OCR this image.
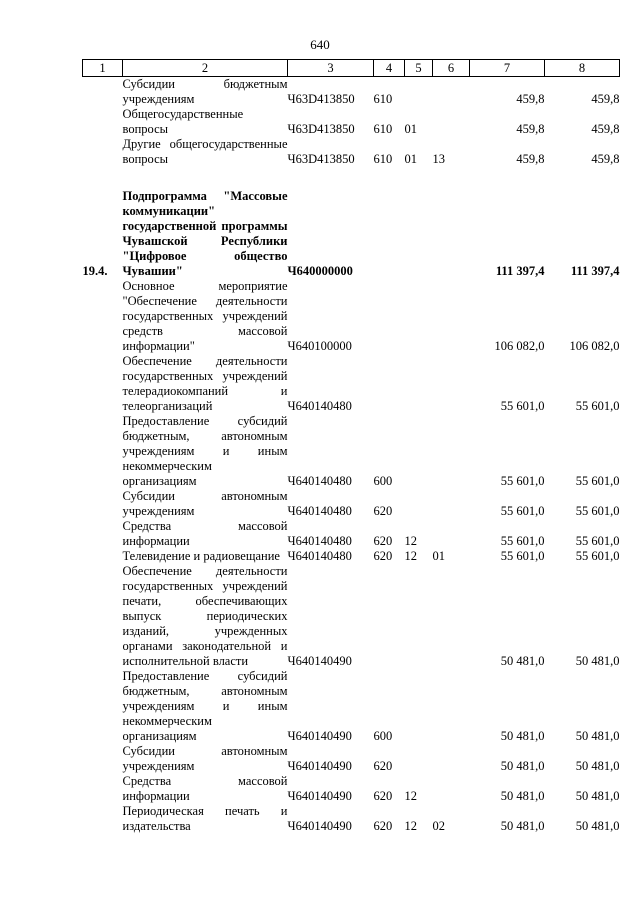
640
1	2	3	4	5	6	7	8
	Субсидии бюджетным учреждениям	Ч63D413850	610			459,8	459,8
	Общегосударственные вопросы	Ч63D413850	610	01		459,8	459,8
	Другие общегосударственные вопросы	Ч63D413850	610	01	13	459,8	459,8

19.4.	Подпрограмма "Массовые коммуникации" государственной программы Чувашской Республики "Цифровое общество Чувашии"	Ч640000000				111 397,4	111 397,4
	Основное мероприятие "Обеспечение деятельности государственных учреждений средств массовой информации"	Ч640100000				106 082,0	106 082,0
	Обеспечение деятельности государственных учреждений телерадиокомпаний и телеорганизаций	Ч640140480				55 601,0	55 601,0
	Предоставление субсидий бюджетным, автономным учреждениям и иным некоммерческим организациям	Ч640140480	600			55 601,0	55 601,0
	Субсидии автономным учреждениям	Ч640140480	620			55 601,0	55 601,0
	Средства массовой информации	Ч640140480	620	12		55 601,0	55 601,0
	Телевидение и радиовещание	Ч640140480	620	12	01	55 601,0	55 601,0
	Обеспечение деятельности государственных учреждений печати, обеспечивающих выпуск периодических изданий, учрежденных органами законодательной и исполнительной власти	Ч640140490				50 481,0	50 481,0
	Предоставление субсидий бюджетным, автономным учреждениям и иным некоммерческим организациям	Ч640140490	600			50 481,0	50 481,0
	Субсидии автономным учреждениям	Ч640140490	620			50 481,0	50 481,0
	Средства массовой информации	Ч640140490	620	12		50 481,0	50 481,0
	Периодическая печать и издательства	Ч640140490	620	12	02	50 481,0	50 481,0
